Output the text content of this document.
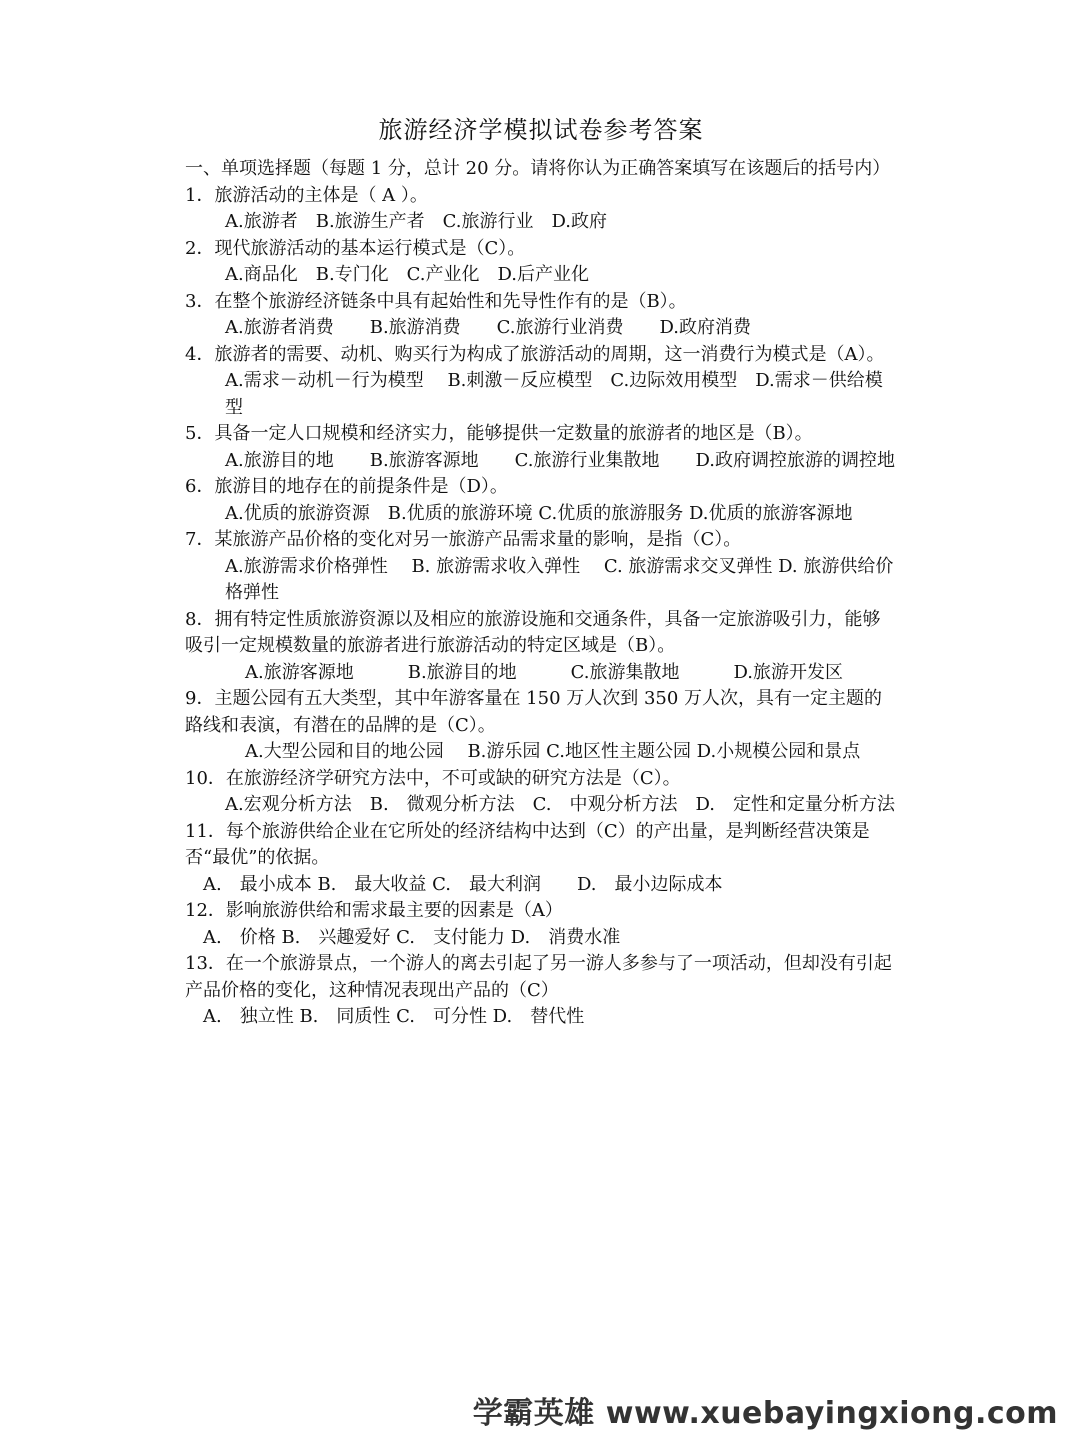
旅游经济学模拟试卷参考答案
一、单项选择题（每题 1 分，总计 20 分。请将你认为正确答案填写在该题后的括号内）
1．旅游活动的主体是（ A ）。
A.旅游者　B.旅游生产者　C.旅游行业　D.政府
2．现代旅游活动的基本运行模式是（C）。
A.商品化　B.专门化　C.产业化　D.后产业化
3．在整个旅游经济链条中具有起始性和先导性作有的是（B）。
A.旅游者消费　　B.旅游消费　　C.旅游行业消费　　D.政府消费
4．旅游者的需要、动机、购买行为构成了旅游活动的周期，这一消费行为模式是（A）。
A.需求－动机－行为模型　 B.刺激－反应模型　C.边际效用模型　D.需求－供给模型
5．具备一定人口规模和经济实力，能够提供一定数量的旅游者的地区是（B）。
A.旅游目的地　　B.旅游客源地　　C.旅游行业集散地　　D.政府调控旅游的调控地
6．旅游目的地存在的前提条件是（D）。
A.优质的旅游资源　B.优质的旅游环境 C.优质的旅游服务 D.优质的旅游客源地
7．某旅游产品价格的变化对另一旅游产品需求量的影响，是指（C）。
A.旅游需求价格弹性　 B. 旅游需求收入弹性　 C. 旅游需求交叉弹性 D. 旅游供给价格弹性
8．拥有特定性质旅游资源以及相应的旅游设施和交通条件，具备一定旅游吸引力，能够吸引一定规模数量的旅游者进行旅游活动的特定区域是（B）。
A.旅游客源地　　　B.旅游目的地　　　C.旅游集散地　　　D.旅游开发区
9．主题公园有五大类型，其中年游客量在 150 万人次到 350 万人次，具有一定主题的路线和表演，有潜在的品牌的是（C）。
A.大型公园和目的地公园　 B.游乐园 C.地区性主题公园 D.小规模公园和景点
10．在旅游经济学研究方法中，不可或缺的研究方法是（C）。
A.宏观分析方法　B.　微观分析方法　C.　中观分析方法　D.　定性和定量分析方法
11．每个旅游供给企业在它所处的经济结构中达到（C）的产出量，是判断经营决策是否“最优”的依据。
A.　最小成本 B.　最大收益 C.　最大利润　　D.　最小边际成本
12．影响旅游供给和需求最主要的因素是（A）
A.　价格 B.　兴趣爱好 C.　支付能力 D.　消费水准
13．在一个旅游景点，一个游人的离去引起了另一游人多参与了一项活动，但却没有引起产品价格的变化，这种情况表现出产品的（C）
A.　独立性 B.　同质性 C.　可分性 D.　替代性
学霸英雄 www.xuebayingxiong.com
